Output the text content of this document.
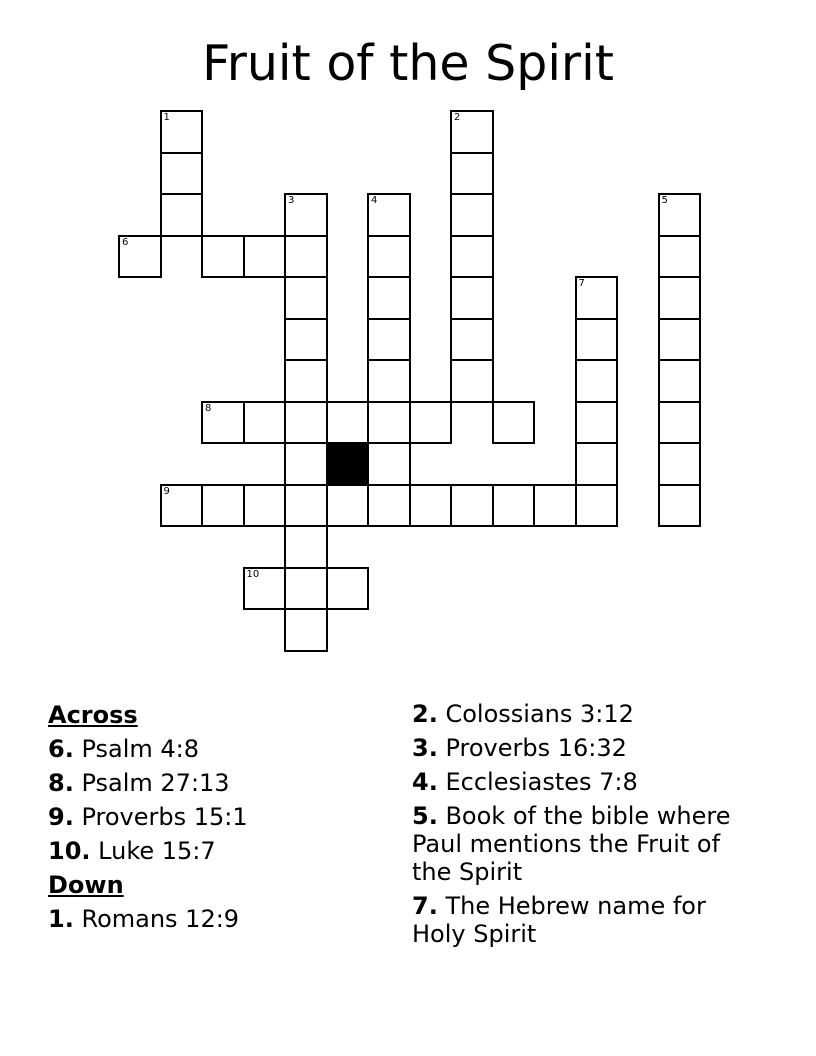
Fruit of the Spirit
1	2
3	4	5
6
7
8
9
10
Across
6. Psalm 4:8
8. Psalm 27:13
9. Proverbs 15:1
10. Luke 15:7
Down
1. Romans 12:9
2. Colossians 3:12
3. Proverbs 16:32
4. Ecclesiastes 7:8
5. Book of the bible where Paul mentions the Fruit of the Spirit
7. The Hebrew name for Holy Spirit
